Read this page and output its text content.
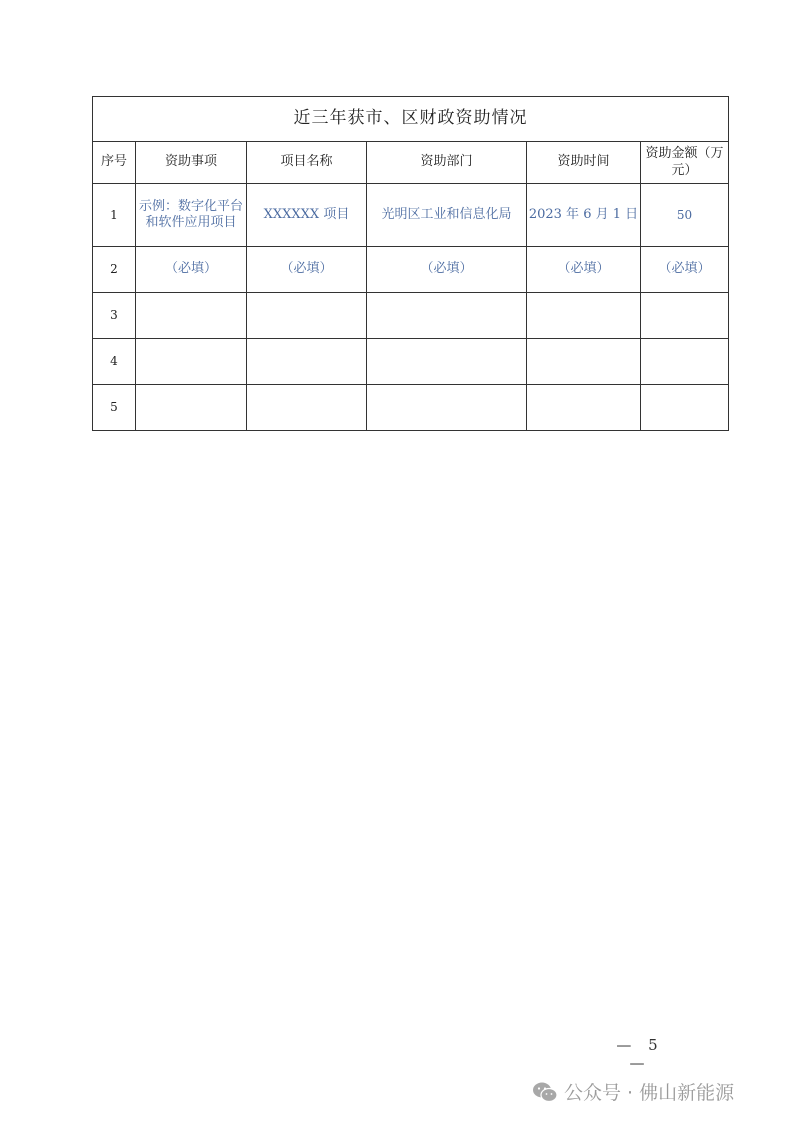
近三年获市、区财政资助情况					
序号	资助事项	项目名称	资助部门	资助时间	资助金额（万元）
1	示例：数字化平台和软件应用项目	XXXXXX 项目	光明区工业和信息化局	2023 年 6 月 1 日	50
2	（必填）	（必填）	（必填）	（必填）	（必填）
3					
4					
5					
— 5 —
公众号 · 佛山新能源
